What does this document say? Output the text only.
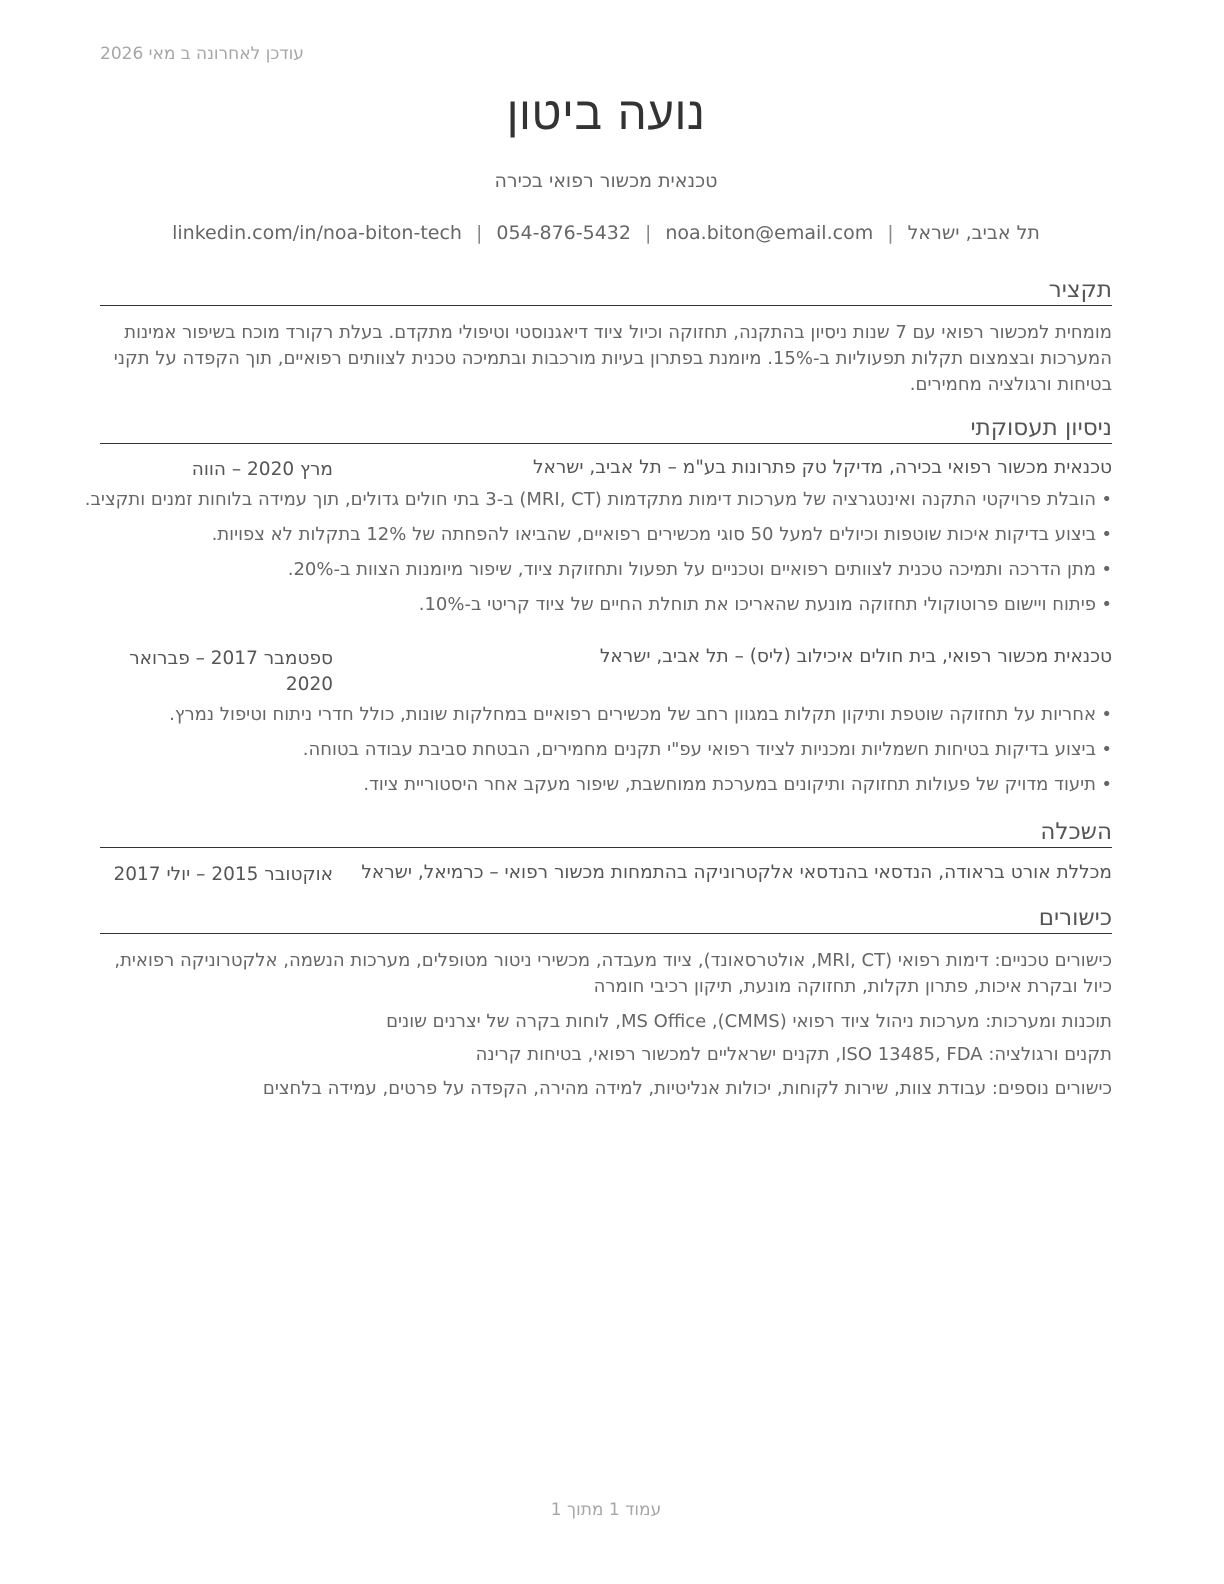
עודכן לאחרונה ב מאי 2026
נועה ביטון
טכנאית מכשור רפואי בכירה
תל אביב, ישראל|noa.biton@email.com|054-876-5432|linkedin.com/in/noa-biton-tech
תקציר
מומחית למכשור רפואי עם 7 שנות ניסיון בהתקנה, תחזוקה וכיול ציוד דיאגנוסטי וטיפולי מתקדם. בעלת רקורד מוכח בשיפור אמינות המערכות ובצמצום תקלות תפעוליות ב-15%. מיומנת בפתרון בעיות מורכבות ובתמיכה טכנית לצוותים רפואיים, תוך הקפדה על תקני בטיחות ורגולציה מחמירים.
ניסיון תעסוקתי
טכנאית מכשור רפואי בכירה, מדיקל טק פתרונות בע"מ – תל אביב, ישראל
מרץ 2020 – הווה
• הובלת פרויקטי התקנה ואינטגרציה של מערכות דימות מתקדמות (MRI, CT) ב-3 בתי חולים גדולים, תוך עמידה בלוחות זמנים ותקציב.
• ביצוע בדיקות איכות שוטפות וכיולים למעל 50 סוגי מכשירים רפואיים, שהביאו להפחתה של 12% בתקלות לא צפויות.
• מתן הדרכה ותמיכה טכנית לצוותים רפואיים וטכניים על תפעול ותחזוקת ציוד, שיפור מיומנות הצוות ב-20%.
• פיתוח ויישום פרוטוקולי תחזוקה מונעת שהאריכו את תוחלת החיים של ציוד קריטי ב-10%.
טכנאית מכשור רפואי, בית חולים איכילוב (ליס) – תל אביב, ישראל
ספטמבר 2017 – פברואר 2020
• אחריות על תחזוקה שוטפת ותיקון תקלות במגוון רחב של מכשירים רפואיים במחלקות שונות, כולל חדרי ניתוח וטיפול נמרץ.
• ביצוע בדיקות בטיחות חשמליות ומכניות לציוד רפואי עפ"י תקנים מחמירים, הבטחת סביבת עבודה בטוחה.
• תיעוד מדויק של פעולות תחזוקה ותיקונים במערכת ממוחשבת, שיפור מעקב אחר היסטוריית ציוד.
השכלה
מכללת אורט בראודה, הנדסאי בהנדסאי אלקטרוניקה בהתמחות מכשור רפואי – כרמיאל, ישראל
אוקטובר 2015 – יולי 2017
כישורים
כישורים טכניים: דימות רפואי (MRI, CT, אולטרסאונד), ציוד מעבדה, מכשירי ניטור מטופלים, מערכות הנשמה, אלקטרוניקה רפואית, כיול ובקרת איכות, פתרון תקלות, תחזוקה מונעת, תיקון רכיבי חומרה
תוכנות ומערכות: מערכות ניהול ציוד רפואי (CMMS), MS Office, לוחות בקרה של יצרנים שונים
תקנים ורגולציה: ISO 13485, FDA, תקנים ישראליים למכשור רפואי, בטיחות קרינה
כישורים נוספים: עבודת צוות, שירות לקוחות, יכולות אנליטיות, למידה מהירה, הקפדה על פרטים, עמידה בלחצים
עמוד 1 מתוך 1
